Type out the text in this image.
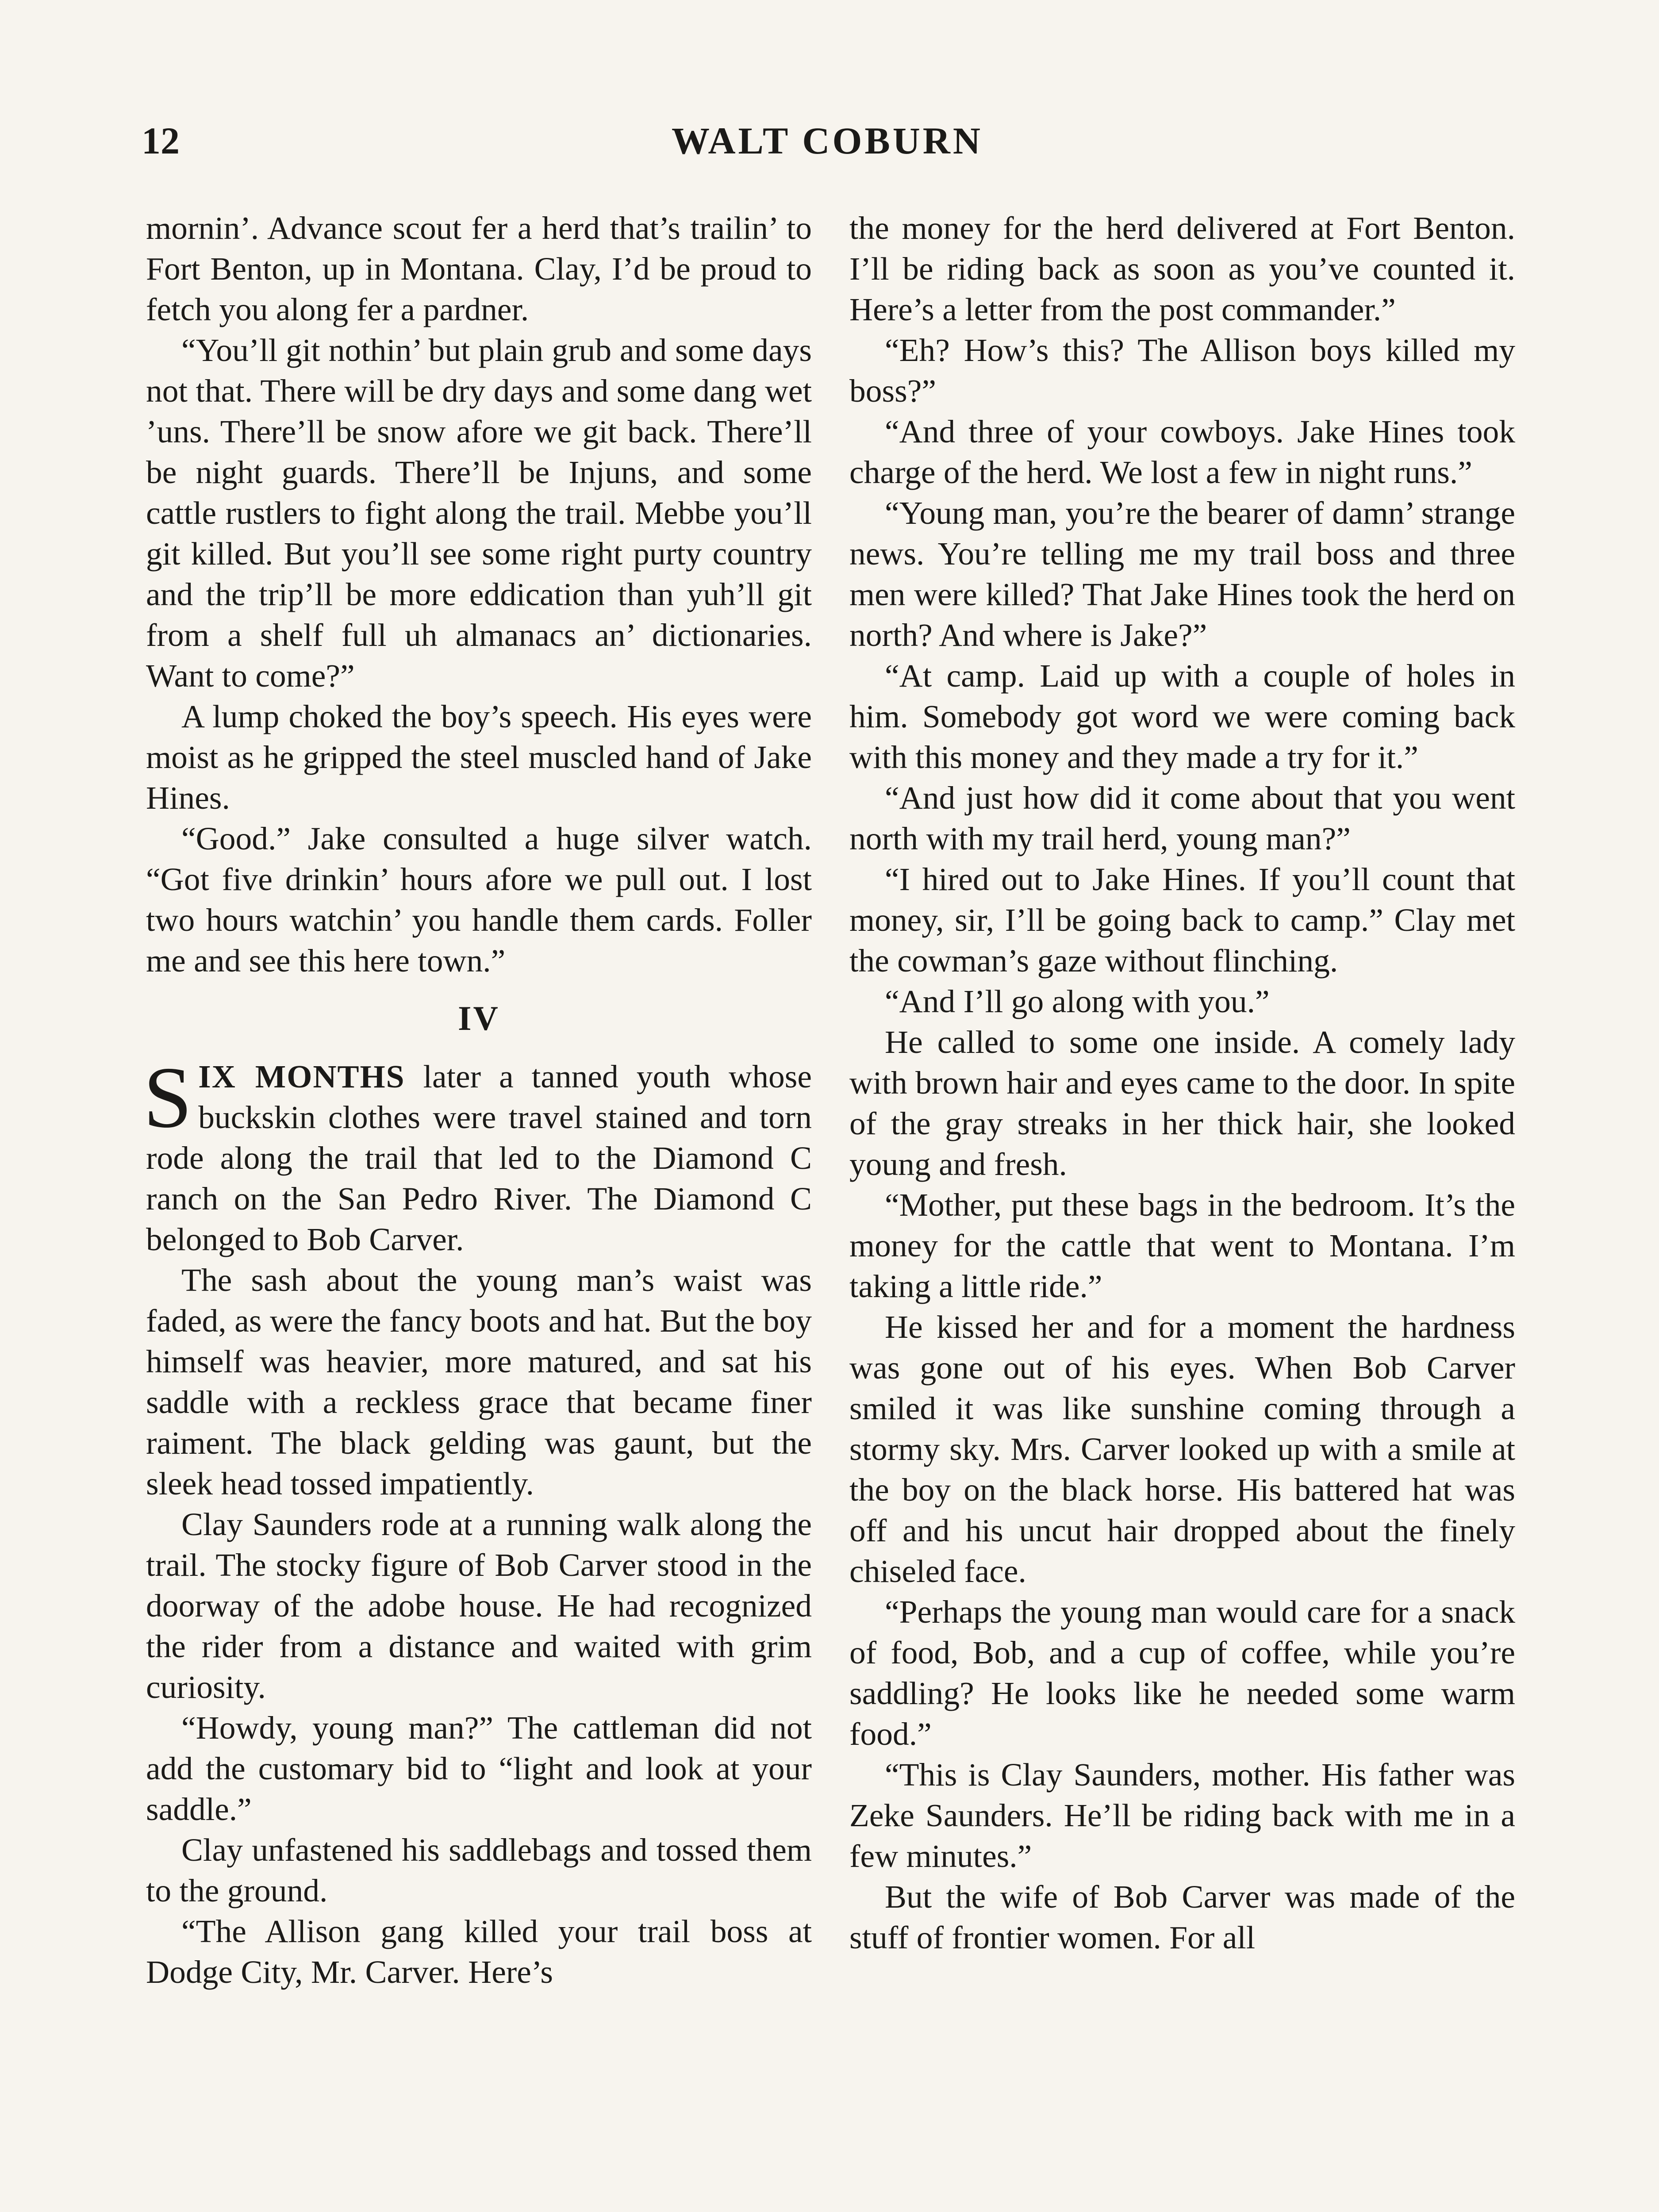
12	WALT COBURN

mornin’. Advance scout fer a herd that’s trailin’ to Fort Benton, up in Montana. Clay, I’d be proud to fetch you along fer a pardner.

“You’ll git nothin’ but plain grub and some days not that. There will be dry days and some dang wet ’uns. There’ll be snow afore we git back. There’ll be night guards. There’ll be Injuns, and some cattle rustlers to fight along the trail. Mebbe you’ll git killed. But you’ll see some right purty country and the trip’ll be more eddication than yuh’ll git from a shelf full uh almanacs an’ dictionaries. Want to come?”

A lump choked the boy’s speech. His eyes were moist as he gripped the steel muscled hand of Jake Hines.

“Good.” Jake consulted a huge silver watch. “Got five drinkin’ hours afore we pull out. I lost two hours watchin’ you handle them cards. Foller me and see this here town.”

IV

SIX MONTHS later a tanned youth whose buckskin clothes were travel stained and torn rode along the trail that led to the Diamond C ranch on the San Pedro River. The Diamond C belonged to Bob Carver.

The sash about the young man’s waist was faded, as were the fancy boots and hat. But the boy himself was heavier, more matured, and sat his saddle with a reckless grace that became finer raiment. The black gelding was gaunt, but the sleek head tossed impatiently.

Clay Saunders rode at a running walk along the trail. The stocky figure of Bob Carver stood in the doorway of the adobe house. He had recognized the rider from a distance and waited with grim curiosity.

“Howdy, young man?” The cattleman did not add the customary bid to “light and look at your saddle.”

Clay unfastened his saddlebags and tossed them to the ground.

“The Allison gang killed your trail boss at Dodge City, Mr. Carver. Here’s

the money for the herd delivered at Fort Benton. I’ll be riding back as soon as you’ve counted it. Here’s a letter from the post commander.”

“Eh? How’s this? The Allison boys killed my boss?”

“And three of your cowboys. Jake Hines took charge of the herd. We lost a few in night runs.”

“Young man, you’re the bearer of damn’ strange news. You’re telling me my trail boss and three men were killed? That Jake Hines took the herd on north? And where is Jake?”

“At camp. Laid up with a couple of holes in him. Somebody got word we were coming back with this money and they made a try for it.”

“And just how did it come about that you went north with my trail herd, young man?”

“I hired out to Jake Hines. If you’ll count that money, sir, I’ll be going back to camp.” Clay met the cowman’s gaze without flinching.

“And I’ll go along with you.”

He called to some one inside. A comely lady with brown hair and eyes came to the door. In spite of the gray streaks in her thick hair, she looked young and fresh.

“Mother, put these bags in the bedroom. It’s the money for the cattle that went to Montana. I’m taking a little ride.”

He kissed her and for a moment the hardness was gone out of his eyes. When Bob Carver smiled it was like sunshine coming through a stormy sky. Mrs. Carver looked up with a smile at the boy on the black horse. His battered hat was off and his uncut hair dropped about the finely chiseled face.

“Perhaps the young man would care for a snack of food, Bob, and a cup of coffee, while you’re saddling? He looks like he needed some warm food.”

“This is Clay Saunders, mother. His father was Zeke Saunders. He’ll be riding back with me in a few minutes.”

But the wife of Bob Carver was made of the stuff of frontier women. For all
